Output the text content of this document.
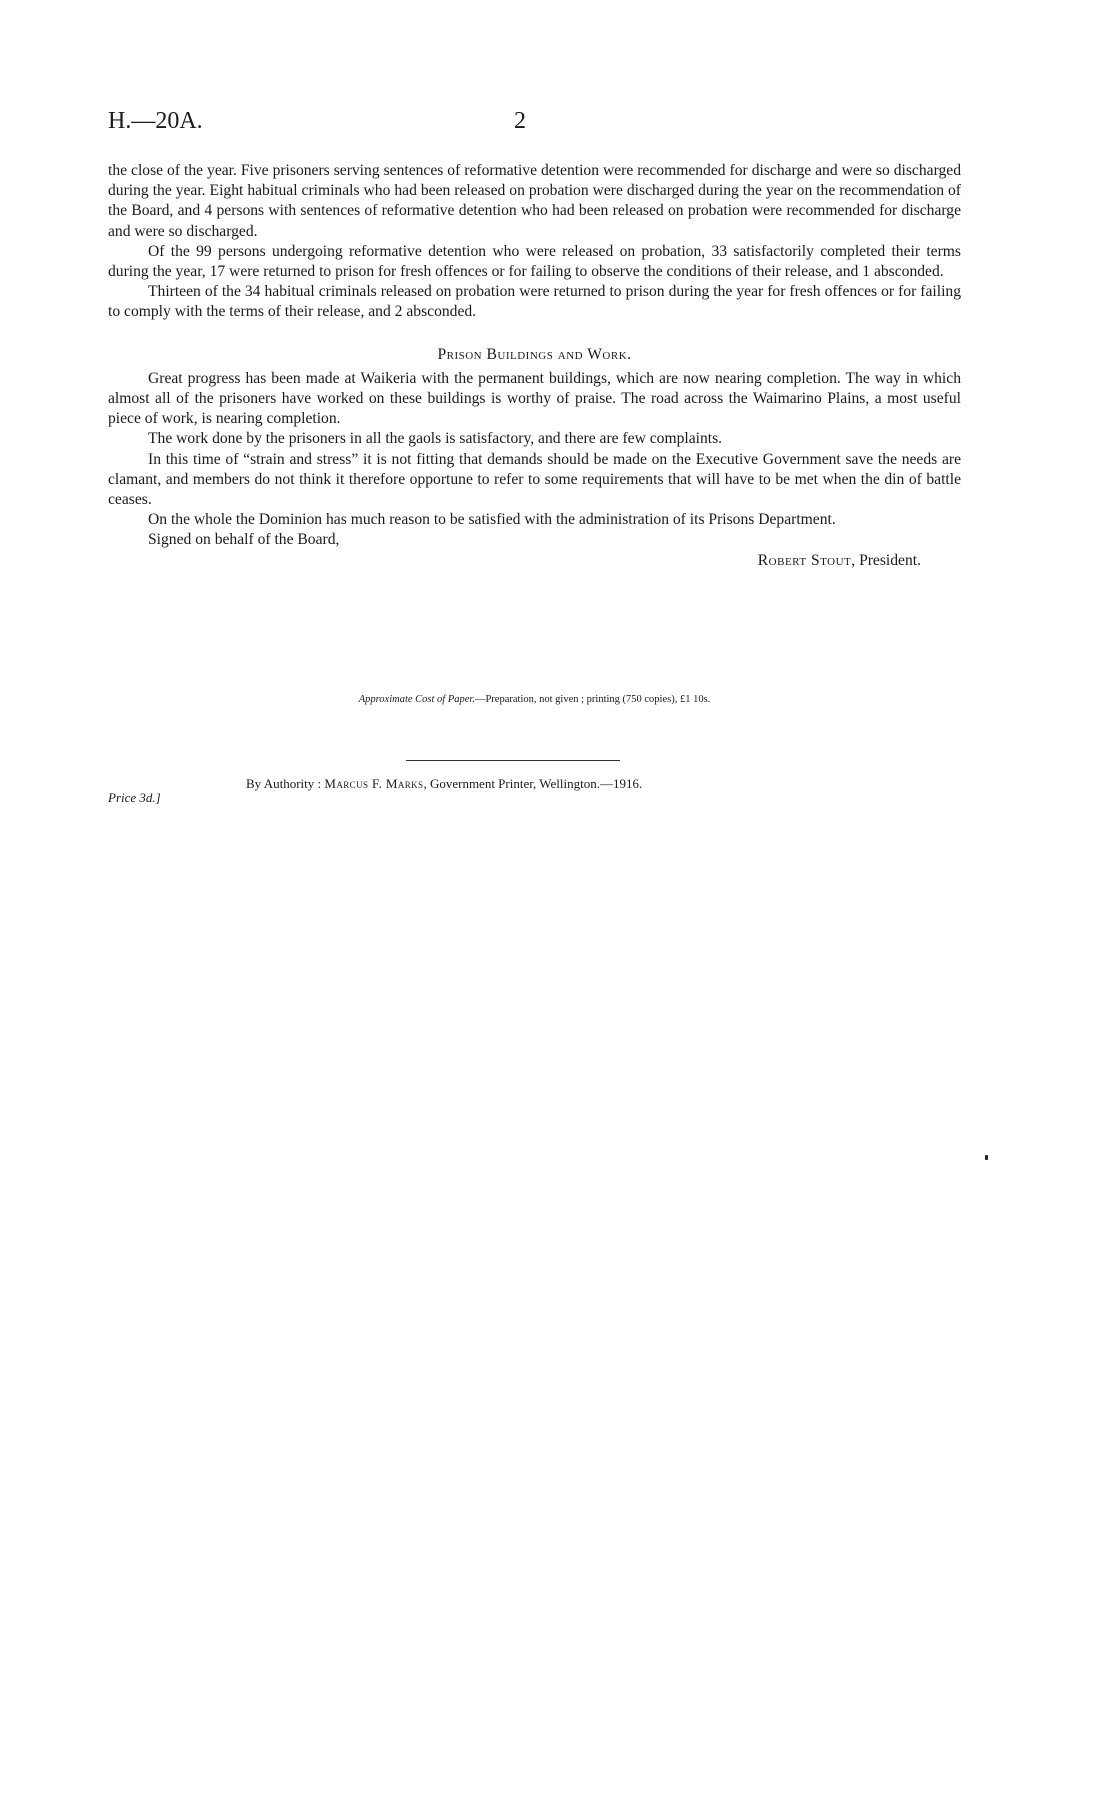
H.—20A.	2

the close of the year. Five prisoners serving sentences of reformative detention were recommended for discharge and were so discharged during the year. Eight habitual criminals who had been released on probation were discharged during the year on the recommendation of the Board, and 4 persons with sentences of reformative detention who had been released on probation were recommended for discharge and were so discharged.

Of the 99 persons undergoing reformative detention who were released on probation, 33 satisfactorily completed their terms during the year, 17 were returned to prison for fresh offences or for failing to observe the conditions of their release, and 1 absconded.

Thirteen of the 34 habitual criminals released on probation were returned to prison during the year for fresh offences or for failing to comply with the terms of their release, and 2 absconded.

Prison Buildings and Work.

Great progress has been made at Waikeria with the permanent buildings, which are now nearing completion. The way in which almost all of the prisoners have worked on these buildings is worthy of praise. The road across the Waimarino Plains, a most useful piece of work, is nearing completion.

The work done by the prisoners in all the gaols is satisfactory, and there are few complaints.

In this time of “strain and stress” it is not fitting that demands should be made on the Executive Government save the needs are clamant, and members do not think it therefore opportune to refer to some requirements that will have to be met when the din of battle ceases.

On the whole the Dominion has much reason to be satisfied with the administration of its Prisons Department.

Signed on behalf of the Board,

Robert Stout, President.

Approximate Cost of Paper.—Preparation, not given ; printing (750 copies), £1 10s.
Price 3d.]
By Authority : Marcus F. Marks, Government Printer, Wellington.—1916.
